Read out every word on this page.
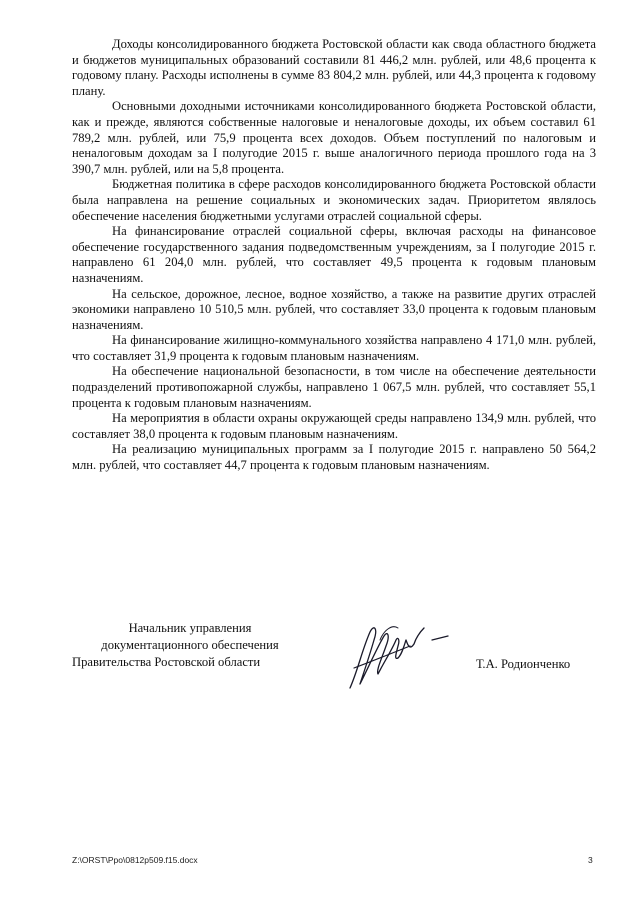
Доходы консолидированного бюджета Ростовской области как свода областного бюджета и бюджетов муниципальных образований составили 81 446,2 млн. рублей, или 48,6 процента к годовому плану. Расходы исполнены в сумме 83 804,2 млн. рублей, или 44,3 процента к годовому плану.

Основными доходными источниками консолидированного бюджета Ростовской области, как и прежде, являются собственные налоговые и неналоговые доходы, их объем составил 61 789,2 млн. рублей, или 75,9 процента всех доходов. Объем поступлений по налоговым и неналоговым доходам за I полугодие 2015 г. выше аналогичного периода прошлого года на 3 390,7 млн. рублей, или на 5,8 процента.

Бюджетная политика в сфере расходов консолидированного бюджета Ростовской области была направлена на решение социальных и экономических задач. Приоритетом являлось обеспечение населения бюджетными услугами отраслей социальной сферы.

На финансирование отраслей социальной сферы, включая расходы на финансовое обеспечение государственного задания подведомственным учреждениям, за I полугодие 2015 г. направлено 61 204,0 млн. рублей, что составляет 49,5 процента к годовым плановым назначениям.

На сельское, дорожное, лесное, водное хозяйство, а также на развитие других отраслей экономики направлено 10 510,5 млн. рублей, что составляет 33,0 процента к годовым плановым назначениям.

На финансирование жилищно-коммунального хозяйства направлено 4 171,0 млн. рублей, что составляет 31,9 процента к годовым плановым назначениям.

На обеспечение национальной безопасности, в том числе на обеспечение деятельности подразделений противопожарной службы, направлено 1 067,5 млн. рублей, что составляет 55,1 процента к годовым плановым назначениям.

На мероприятия в области охраны окружающей среды направлено 134,9 млн. рублей, что составляет 38,0 процента к годовым плановым назначениям.

На реализацию муниципальных программ за I полугодие 2015 г. направлено 50 564,2 млн. рублей, что составляет 44,7 процента к годовым плановым назначениям.

Начальник управления
документационного обеспечения
Правительства Ростовской области	Т.А. Родионченко
Z:\ORST\Ppo\0812p509.f15.docx	3
